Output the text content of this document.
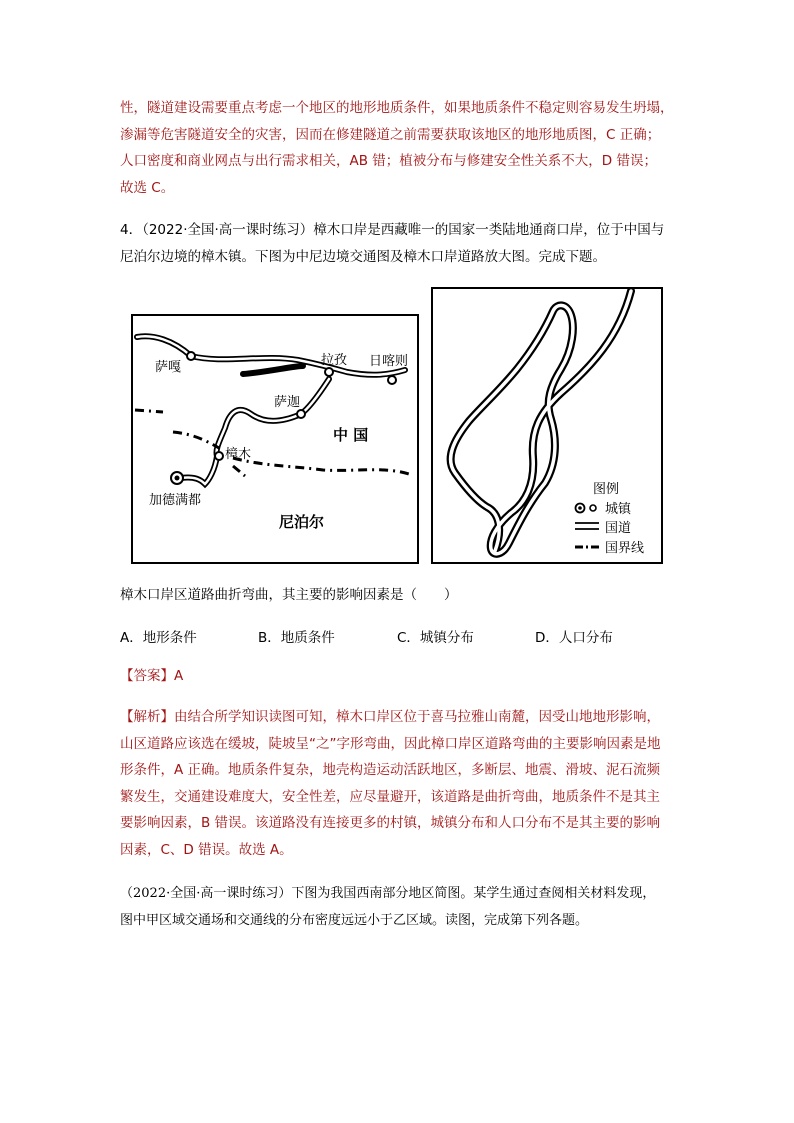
性，隧道建设需要重点考虑一个地区的地形地质条件，如果地质条件不稳定则容易发生坍塌，
渗漏等危害隧道安全的灾害，因而在修建隧道之前需要获取该地区的地形地质图，C 正确；
人口密度和商业网点与出行需求相关，AB 错；植被分布与修建安全性关系不大，D 错误；
故选 C。
4．（2022·全国·高一课时练习）樟木口岸是西藏唯一的国家一类陆地通商口岸，位于中国与
尼泊尔边境的樟木镇。下图为中尼边境交通图及樟木口岸道路放大图。完成下题。
萨嘎	拉孜 日喀则
萨迦
樟木
中 国
加德满都
尼泊尔
图例
城镇
国道
国界线
樟木口岸区道路曲折弯曲，其主要的影响因素是（　　）
A．地形条件	B．地质条件	C．城镇分布	D．人口分布
【答案】A
【解析】由结合所学知识读图可知，樟木口岸区位于喜马拉雅山南麓，因受山地地形影响，
山区道路应该选在缓坡，陡坡呈“之”字形弯曲，因此樟口岸区道路弯曲的主要影响因素是地
形条件，A 正确。地质条件复杂，地壳构造运动活跃地区，多断层、地震、滑坡、泥石流频
繁发生，交通建设难度大，安全性差，应尽量避开，该道路是曲折弯曲，地质条件不是其主
要影响因素，B 错误。该道路没有连接更多的村镇，城镇分布和人口分布不是其主要的影响
因素，C、D 错误。故选 A。
（2022·全国·高一课时练习）下图为我国西南部分地区简图。某学生通过查阅相关材料发现，
图中甲区域交通场和交通线的分布密度远远小于乙区域。读图，完成第下列各题。
